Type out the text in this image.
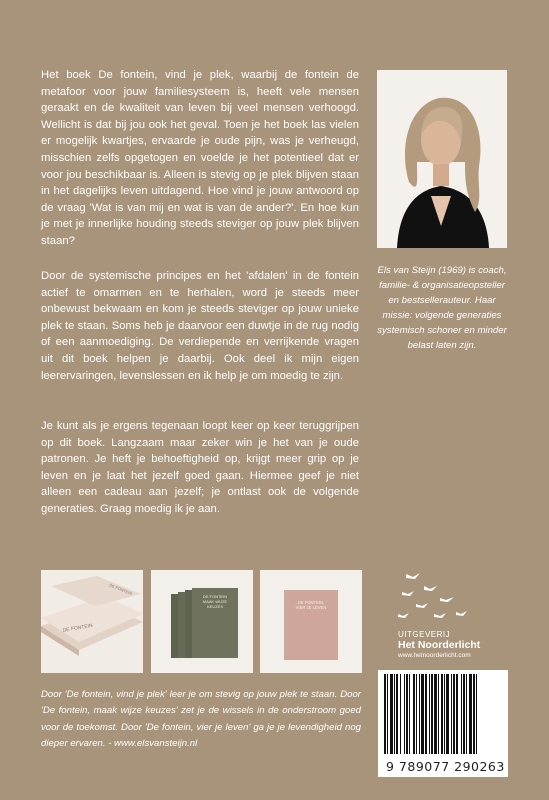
Het boek De fontein, vind je plek, waarbij de fontein de metafoor voor jouw familiesysteem is, heeft vele mensen geraakt en de kwaliteit van leven bij veel mensen verhoogd. Wellicht is dat bij jou ook het geval. Toen je het boek las vielen er mogelijk kwartjes, ervaarde je oude pijn, was je verheugd, misschien zelfs opgetogen en voelde je het potentieel dat er voor jou beschikbaar is. Alleen is stevig op je plek blijven staan in het dagelijks leven uitdagend. Hoe vind je jouw antwoord op de vraag 'Wat is van mij en wat is van de ander?'. En hoe kun je met je innerlijke houding steeds steviger op jouw plek blijven staan?

Door de systemische principes en het 'afdalen' in de fontein actief te omarmen en te herhalen, word je steeds meer onbewust bekwaam en kom je steeds steviger op jouw unieke plek te staan. Soms heb je daarvoor een duwtje in de rug nodig of een aanmoediging. De verdiepende en verrijkende vragen uit dit boek helpen je daarbij. Ook deel ik mijn eigen leerervaringen, levenslessen en ik help je om moedig te zijn.

Je kunt als je ergens tegenaan loopt keer op keer teruggrijpen op dit boek. Langzaam maar zeker win je het van je oude patronen. Je heft je behoeftigheid op, krijgt meer grip op je leven en je laat het jezelf goed gaan. Hiermee geef je niet alleen een cadeau aan jezelf; je ontlast ook de volgende generaties. Graag moedig ik je aan.

Els van Steijn (1969) is coach, familie- & organisatieopsteller en bestsellerauteur. Haar missie: volgende generaties systemisch schoner en minder belast laten zijn.

DE FONTEIN
DE FONTEIN
DE FONTEIN
MAAK WIJZE
KEUZES
DE FONTEIN,
VIER JE LEVEN

Door 'De fontein, vind je plek' leer je om stevig op jouw plek te staan. Door 'De fontein, maak wijze keuzes' zet je de wissels in de onderstroom goed voor de toekomst. Door 'De fontein, vier je leven' ga je je levendigheid nog dieper ervaren. - www.elsvansteijn.nl

UITGEVERIJ
Het Noorderlicht
www.hetnoorderlicht.com
9 789077 290263
